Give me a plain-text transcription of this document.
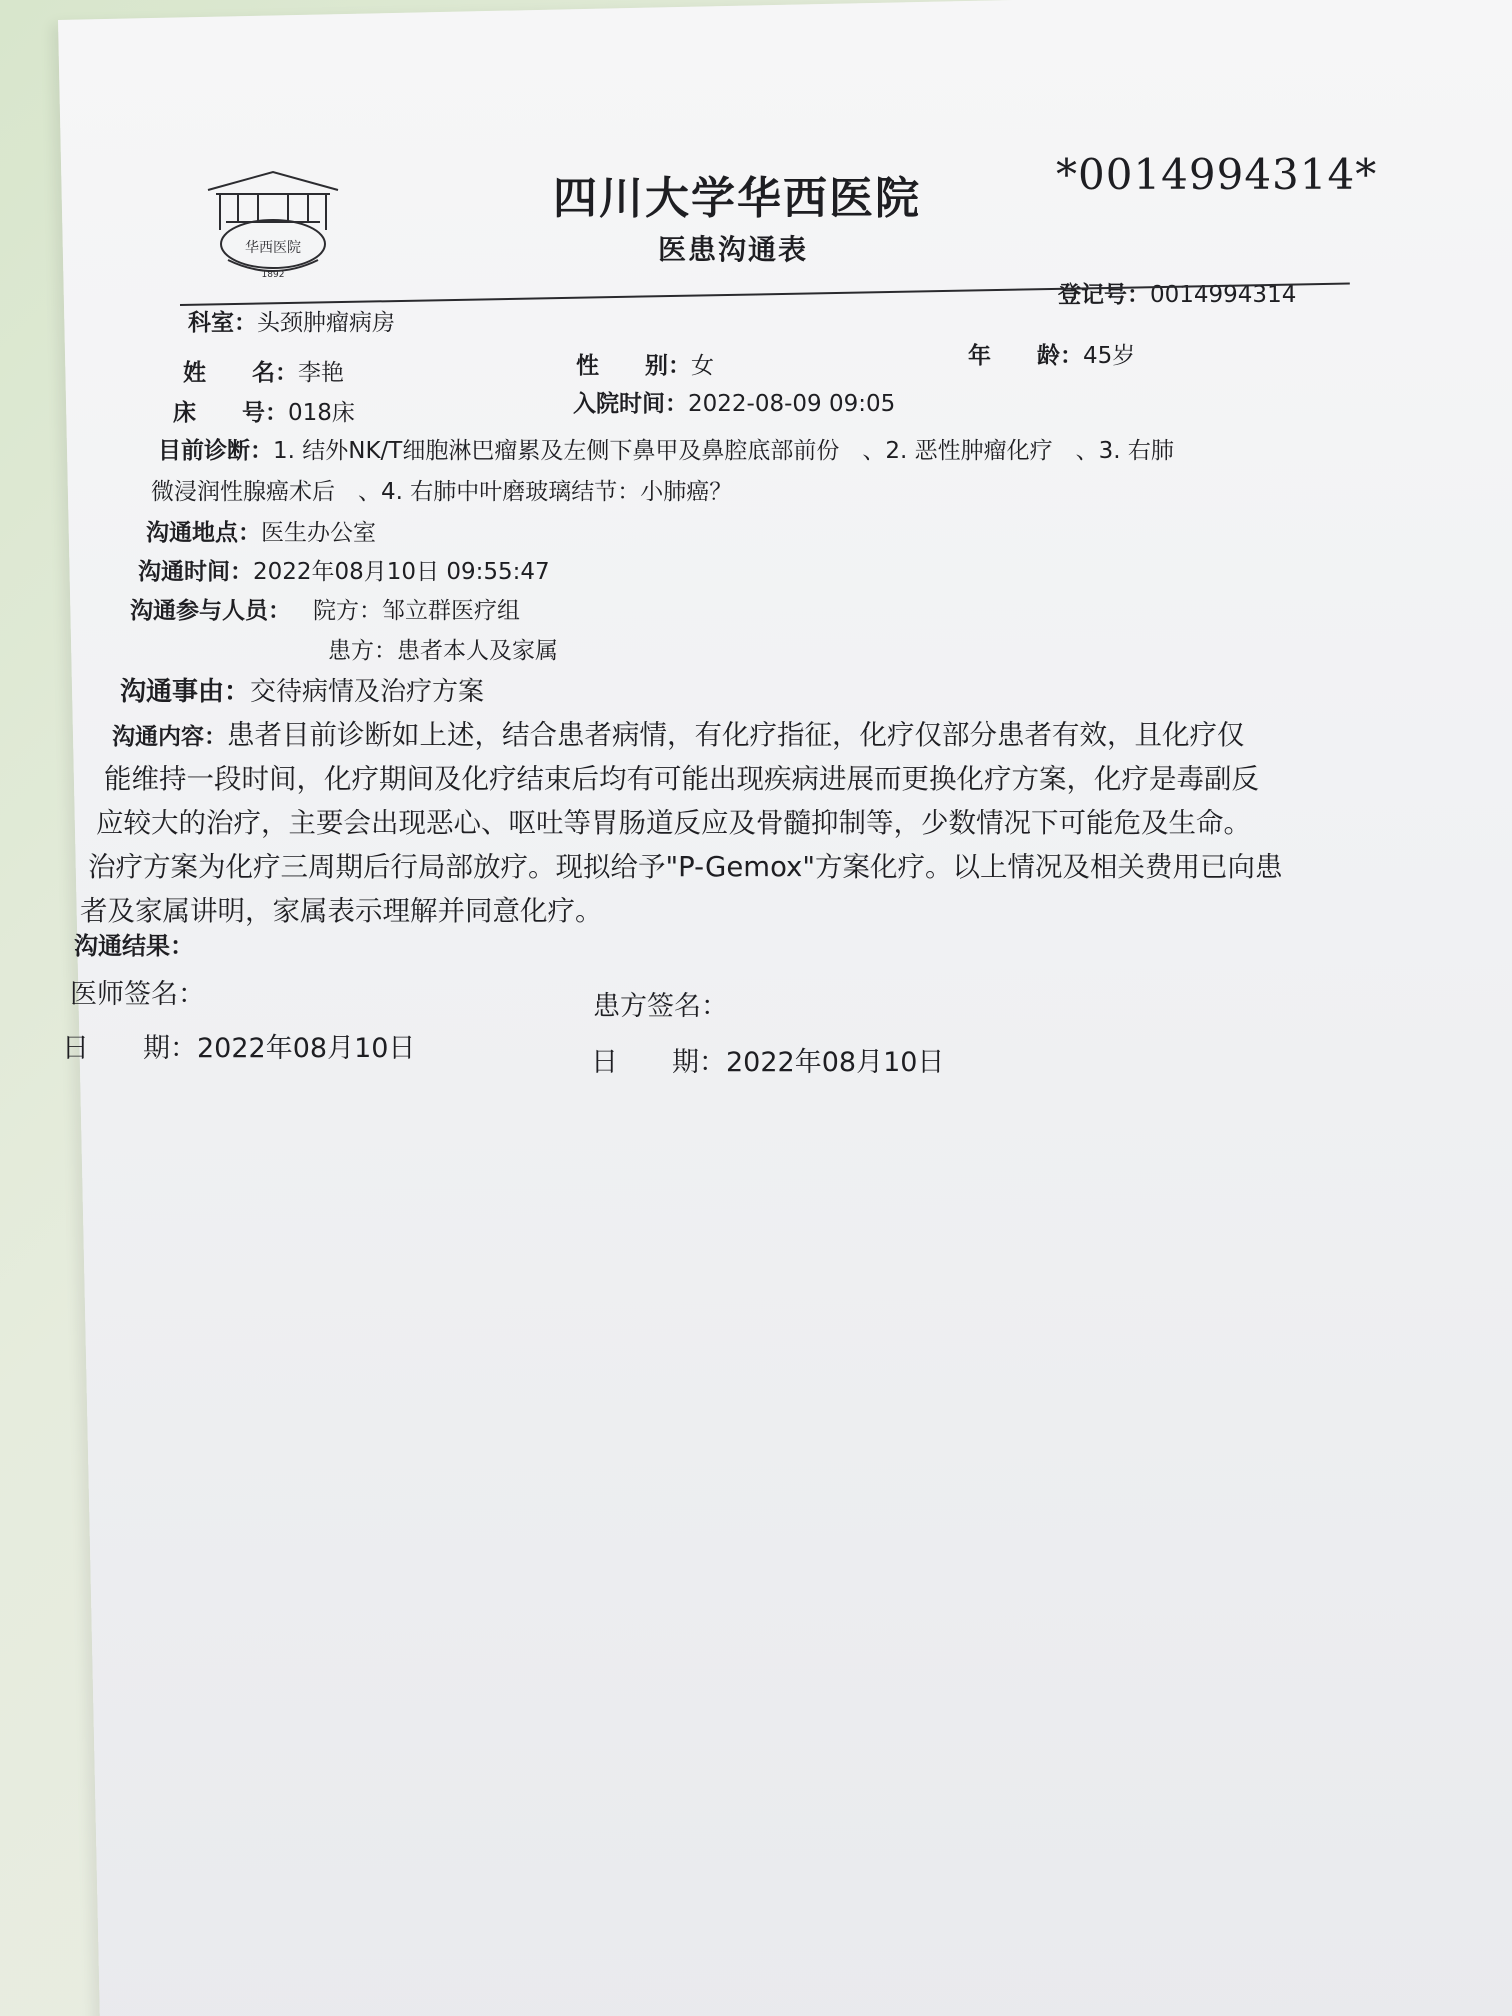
华西医院
1892
四川大学华西医院	*0014994314*
医患沟通表
登记号：0014994314
科室：头颈肿瘤病房
姓　　名：李艳	性　　别：女	年　　龄：45岁
床　　号：018床	入院时间：2022-08-09 09:05
目前诊断：1. 结外NK/T细胞淋巴瘤累及左侧下鼻甲及鼻腔底部前份　、2. 恶性肿瘤化疗　、3. 右肺
微浸润性腺癌术后　、4. 右肺中叶磨玻璃结节：小肺癌？
沟通地点：医生办公室
沟通时间：2022年08月10日 09:55:47
沟通参与人员： 院方：邹立群医疗组
患方：患者本人及家属
沟通事由：交待病情及治疗方案
沟通内容：患者目前诊断如上述，结合患者病情，有化疗指征，化疗仅部分患者有效，且化疗仅
能维持一段时间，化疗期间及化疗结束后均有可能出现疾病进展而更换化疗方案，化疗是毒副反
应较大的治疗，主要会出现恶心、呕吐等胃肠道反应及骨髓抑制等，少数情况下可能危及生命。
治疗方案为化疗三周期后行局部放疗。现拟给予"P-Gemox"方案化疗。以上情况及相关费用已向患
者及家属讲明，家属表示理解并同意化疗。
沟通结果：
医师签名：
日　　期：2022年08月10日
患方签名：
日　　期：2022年08月10日
